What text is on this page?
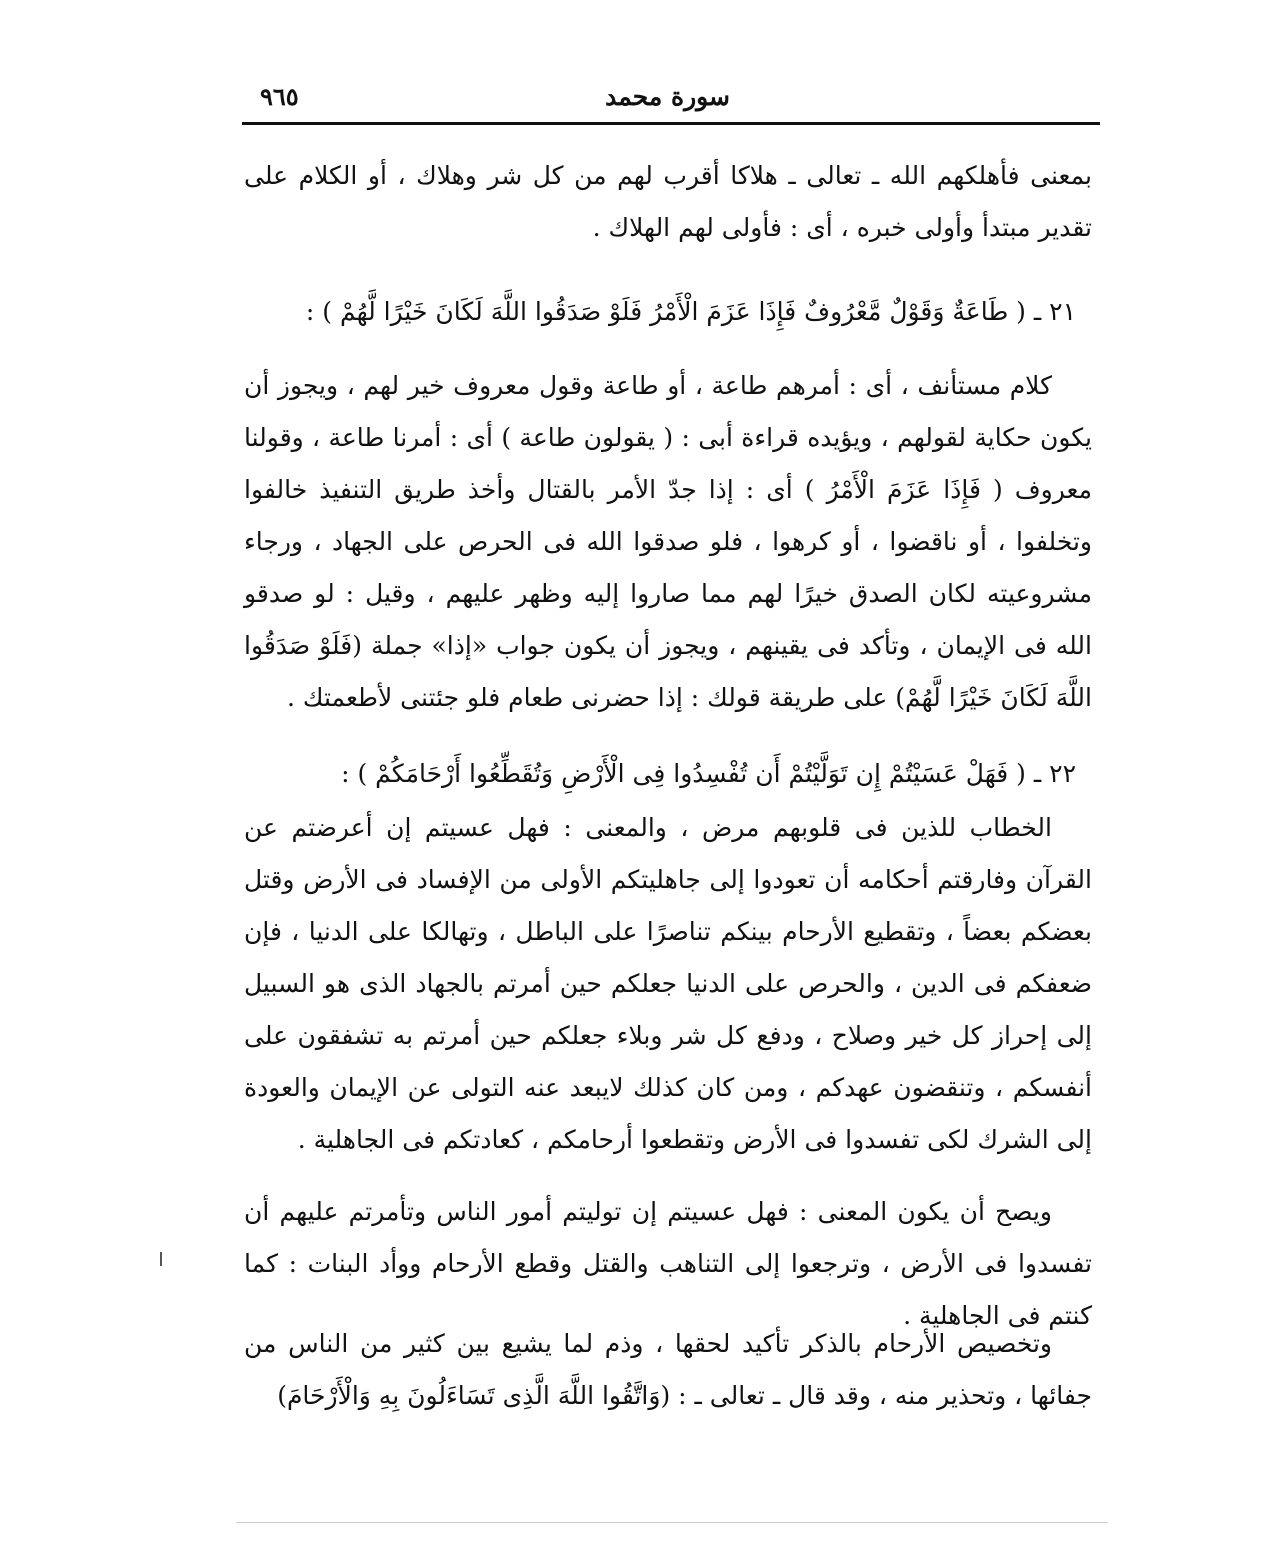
سورة محمد
٩٦٥

بمعنى فأهلكهم الله ـ تعالى ـ هلاكا أقرب لهم من كل شر وهلاك ، أو الكلام على تقدير مبتدأ وأولى خبره ، أى : فأولى لهم الهلاك .

٢١ ـ ( طَاعَةٌ وَقَوْلٌ مَّعْرُوفٌ فَإِذَا عَزَمَ الْأَمْرُ فَلَوْ صَدَقُوا اللَّهَ لَكَانَ خَيْرًا لَّهُمْ ) :

كلام مستأنف ، أى : أمرهم طاعة ، أو طاعة وقول معروف خير لهم ، ويجوز أن يكون حكاية لقولهم ، ويؤيده قراءة أبى : ( يقولون طاعة ) أى : أمرنا طاعة ، وقولنا معروف ( فَإِذَا عَزَمَ الْأَمْرُ ) أى : إذا جدّ الأمر بالقتال وأخذ طريق التنفيذ خالفوا وتخلفوا ، أو ناقضوا ، أو كرهوا ، فلو صدقوا الله فى الحرص على الجهاد ، ورجاء مشروعيته لكان الصدق خيرًا لهم مما صاروا إليه وظهر عليهم ، وقيل : لو صدقو الله فى الإيمان ، وتأكد فى يقينهم ، ويجوز أن يكون جواب «إذا» جملة (فَلَوْ صَدَقُوا اللَّهَ لَكَانَ خَيْرًا لَّهُمْ) على طريقة قولك : إذا حضرنى طعام فلو جئتنى لأطعمتك .

٢٢ ـ ( فَهَلْ عَسَيْتُمْ إِن تَوَلَّيْتُمْ أَن تُفْسِدُوا فِى الْأَرْضِ وَتُقَطِّعُوا أَرْحَامَكُمْ ) :

الخطاب للذين فى قلوبهم مرض ، والمعنى : فهل عسيتم إن أعرضتم عن القرآن وفارقتم أحكامه أن تعودوا إلى جاهليتكم الأولى من الإفساد فى الأرض وقتل بعضكم بعضاً ، وتقطيع الأرحام بينكم تناصرًا على الباطل ، وتهالكا على الدنيا ، فإن ضعفكم فى الدين ، والحرص على الدنيا جعلكم حين أمرتم بالجهاد الذى هو السبيل إلى إحراز كل خير وصلاح ، ودفع كل شر وبلاء جعلكم حين أمرتم به تشفقون على أنفسكم ، وتنقضون عهدكم ، ومن كان كذلك لايبعد عنه التولى عن الإيمان والعودة إلى الشرك لكى تفسدوا فى الأرض وتقطعوا أرحامكم ، كعادتكم فى الجاهلية .

ويصح أن يكون المعنى : فهل عسيتم إن توليتم أمور الناس وتأمرتم عليهم أن تفسدوا فى الأرض ، وترجعوا إلى التناهب والقتل وقطع الأرحام ووأد البنات : كما كنتم فى الجاهلية .

وتخصيص الأرحام بالذكر تأكيد لحقها ، وذم لما يشيع بين كثير من الناس من جفائها ، وتحذير منه ، وقد قال ـ تعالى ـ : (وَاتَّقُوا اللَّهَ الَّذِى تَسَاءَلُونَ بِهِ وَالْأَرْحَامَ)
